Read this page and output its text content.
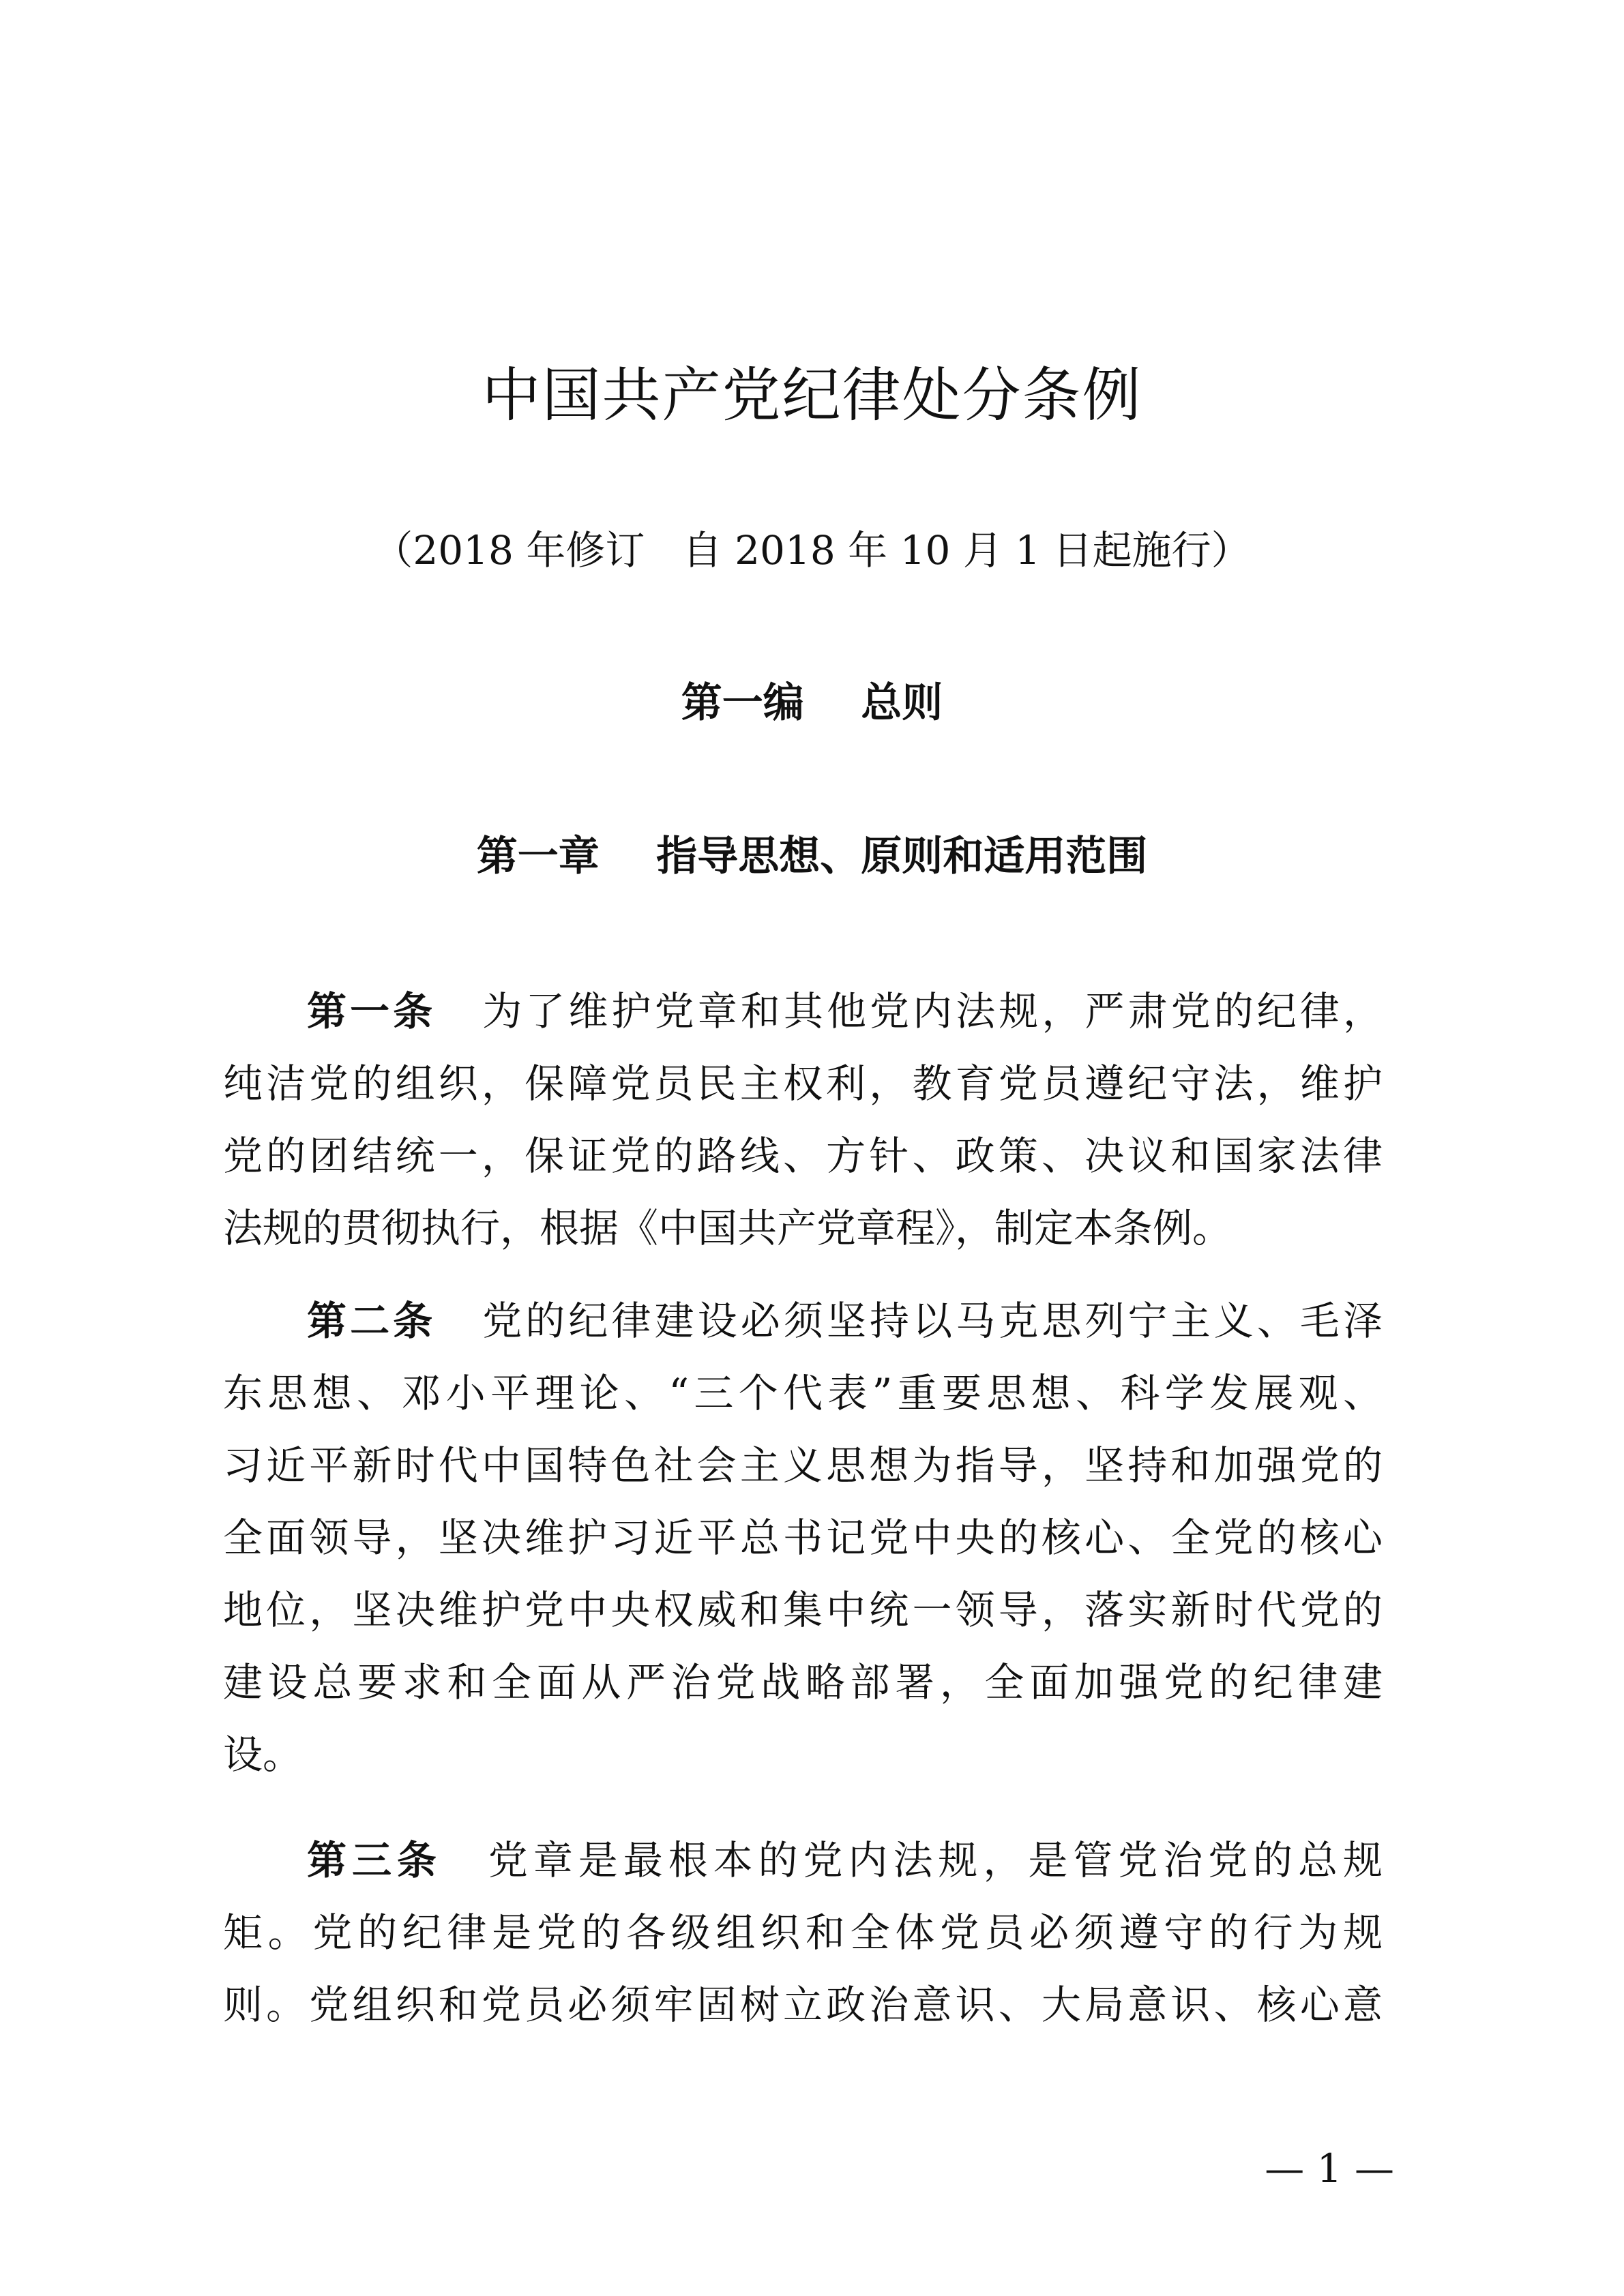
中国共产党纪律处分条例
（2018 年修订   自 2018 年 10 月 1 日起施行）
第一编    总则
第一章    指导思想、原则和适用范围
第一条 为了维护党章和其他党内法规，严肃党的纪律，
纯洁党的组织，保障党员民主权利，教育党员遵纪守法，维护
党的团结统一，保证党的路线、方针、政策、决议和国家法律
法规的贯彻执行，根据《中国共产党章程》，制定本条例。
第二条 党的纪律建设必须坚持以马克思列宁主义、毛泽
东思想、邓小平理论、“三个代表”重要思想、科学发展观、
习近平新时代中国特色社会主义思想为指导，坚持和加强党的
全面领导，坚决维护习近平总书记党中央的核心、全党的核心
地位，坚决维护党中央权威和集中统一领导，落实新时代党的
建设总要求和全面从严治党战略部署，全面加强党的纪律建
设。
第三条 党章是最根本的党内法规，是管党治党的总规
矩。党的纪律是党的各级组织和全体党员必须遵守的行为规
则。党组织和党员必须牢固树立政治意识、大局意识、核心意
— 1 —
